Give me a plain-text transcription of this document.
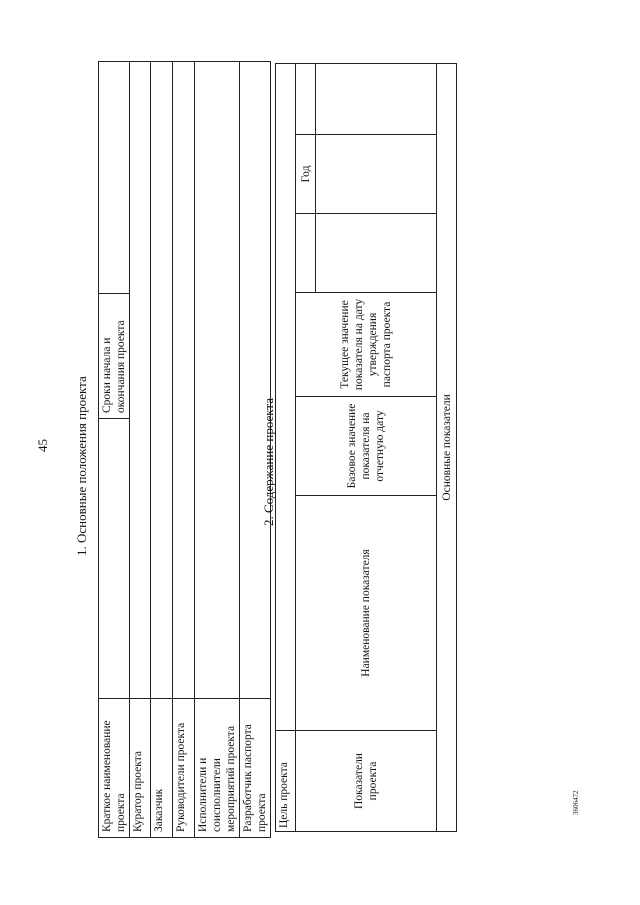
45 1. Основные положения проекта
Краткое наименование проекта		Сроки начала и окончания проекта	
Куратор проекта			
Заказчик			
Руководители проекта			
Исполнители и соисполнители мероприятий проекта			
Разработчик паспорта проекта			
2. Содержание проекта
Цель проекта						
Показатели проекта	Наименование показателя	Базовое значение показателя на отчетную дату	Текущее значение показателя на дату утверждения паспорта проекта		Год	

Основные показатели						
3606472
